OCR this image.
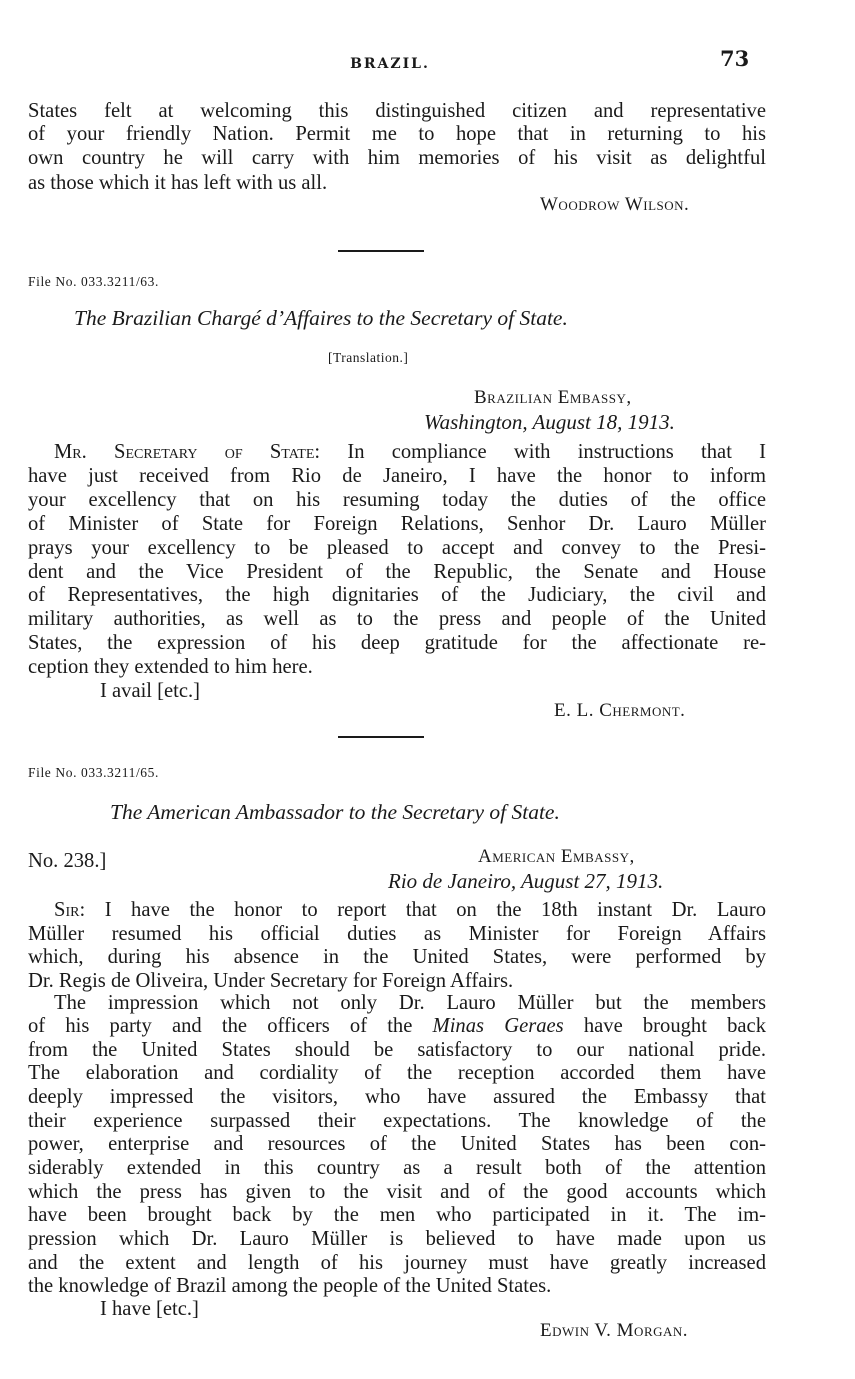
BRAZIL.	73
States felt at welcoming this distinguished citizen and representative
of your friendly Nation. Permit me to hope that in returning to his
own country he will carry with him memories of his visit as delightful
as those which it has left with us all.
Woodrow Wilson.
File No. 033.3211/63.
The Brazilian Chargé d’Affaires to the Secretary of State.
[Translation.]
Brazilian Embassy,
Washington, August 18, 1913.
Mr. Secretary of State: In compliance with instructions that I
have just received from Rio de Janeiro, I have the honor to inform
your excellency that on his resuming today the duties of the office
of Minister of State for Foreign Relations, Senhor Dr. Lauro Müller
prays your excellency to be pleased to accept and convey to the Presi-
dent and the Vice President of the Republic, the Senate and House
of Representatives, the high dignitaries of the Judiciary, the civil and
military authorities, as well as to the press and people of the United
States, the expression of his deep gratitude for the affectionate re-
ception they extended to him here.
I avail [etc.]
E. L. Chermont.
File No. 033.3211/65.
The American Ambassador to the Secretary of State.
No. 238.]	American Embassy,
Rio de Janeiro, August 27, 1913.
Sir: I have the honor to report that on the 18th instant Dr. Lauro
Müller resumed his official duties as Minister for Foreign Affairs
which, during his absence in the United States, were performed by
Dr. Regis de Oliveira, Under Secretary for Foreign Affairs.
The impression which not only Dr. Lauro Müller but the members
of his party and the officers of the Minas Geraes have brought back
from the United States should be satisfactory to our national pride.
The elaboration and cordiality of the reception accorded them have
deeply impressed the visitors, who have assured the Embassy that
their experience surpassed their expectations. The knowledge of the
power, enterprise and resources of the United States has been con-
siderably extended in this country as a result both of the attention
which the press has given to the visit and of the good accounts which
have been brought back by the men who participated in it. The im-
pression which Dr. Lauro Müller is believed to have made upon us
and the extent and length of his journey must have greatly increased
the knowledge of Brazil among the people of the United States.
I have [etc.]
Edwin V. Morgan.
